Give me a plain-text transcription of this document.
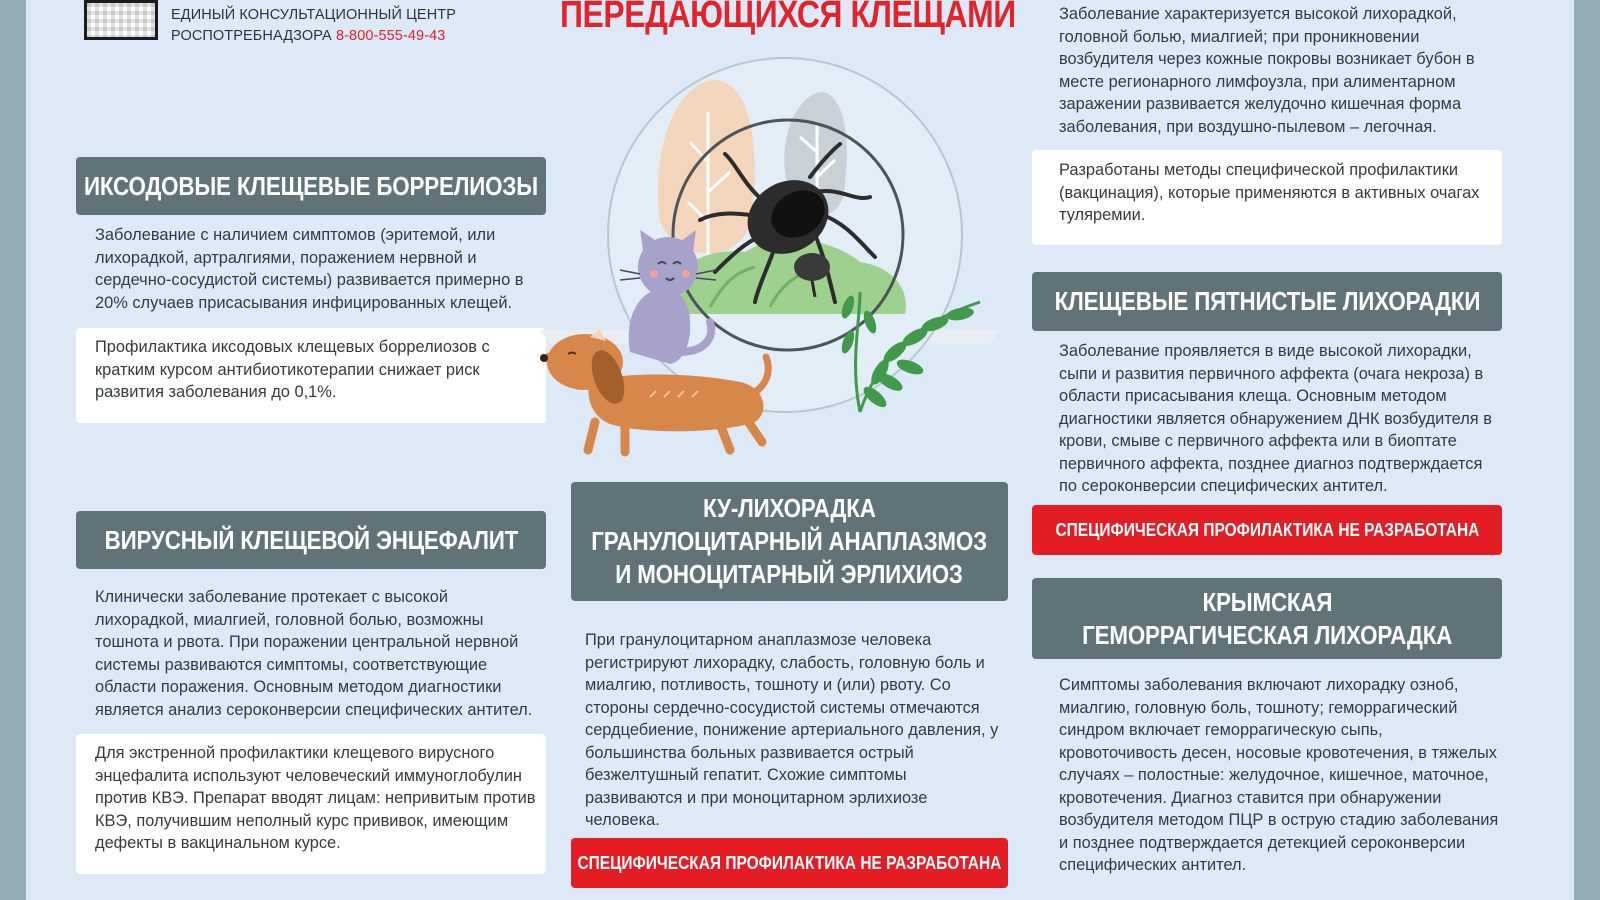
ЕДИНЫЙ КОНСУЛЬТАЦИОННЫЙ ЦЕНТР
РОСПОТРЕБНАДЗОРА 8-800-555-49-43	ПЕРЕДАЮЩИХСЯ КЛЕЩАМИ
ИКСОДОВЫЕ КЛЕЩЕВЫЕ БОРРЕЛИОЗЫ
Заболевание с наличием симптомов (эритемой, или
лихорадкой, артралгиями, поражением нервной и
сердечно-сосудистой системы) развивается примерно в
20% случаев присасывания инфицированных клещей.
Профилактика иксодовых клещевых боррелиозов с
кратким курсом антибиотикотерапии снижает риск
развития заболевания до 0,1%.
ВИРУСНЫЙ КЛЕЩЕВОЙ ЭНЦЕФАЛИТ
Клинически заболевание протекает с высокой
лихорадкой, миалгией, головной болью, возможны
тошнота и рвота. При поражении центральной нервной
системы развиваются симптомы, соответствующие
области поражения. Основным методом диагностики
является анализ сероконверсии специфических антител.
Для экстренной профилактики клещевого вирусного
энцефалита используют человеческий иммуноглобулин
против КВЭ. Препарат вводят лицам: непривитым против
КВЭ, получившим неполный курс прививок, имеющим
дефекты в вакцинальном курсе.
КУ-ЛИХОРАДКА
ГРАНУЛОЦИТАРНЫЙ АНАПЛАЗМОЗ
И МОНОЦИТАРНЫЙ ЭРЛИХИОЗ
При гранулоцитарном анаплазмозе человека
регистрируют лихорадку, слабость, головную боль и
миалгию, потливость, тошноту и (или) рвоту. Со
стороны сердечно-сосудистой системы отмечаются
сердцебиение, понижение артериального давления, у
большинства больных развивается острый
безжелтушный гепатит. Схожие симптомы
развиваются и при моноцитарном эрлихиозе
человека.
СПЕЦИФИЧЕСКАЯ ПРОФИЛАКТИКА НЕ РАЗРАБОТАНА
Заболевание характеризуется высокой лихорадкой,
головной болью, миалгией; при проникновении
возбудителя через кожные покровы возникает бубон в
месте регионарного лимфоузла, при алиментарном
заражении развивается желудочно кишечная форма
заболевания, при воздушно-пылевом – легочная.
Разработаны методы специфической профилактики
(вакцинация), которые применяются в активных очагах
туляремии.
КЛЕЩЕВЫЕ ПЯТНИСТЫЕ ЛИХОРАДКИ
Заболевание проявляется в виде высокой лихорадки,
сыпи и развития первичного аффекта (очага некроза) в
области присасывания клеща. Основным методом
диагностики является обнаружением ДНК возбудителя в
крови, смыве с первичного аффекта или в биоптате
первичного аффекта, позднее диагноз подтверждается
по сероконверсии специфических антител.
СПЕЦИФИЧЕСКАЯ ПРОФИЛАКТИКА НЕ РАЗРАБОТАНА
КРЫМСКАЯ
ГЕМОРРАГИЧЕСКАЯ ЛИХОРАДКА
Симптомы заболевания включают лихорадку озноб,
миалгию, головную боль, тошноту; геморрагический
синдром включает геморрагическую сыпь,
кровоточивость десен, носовые кровотечения, в тяжелых
случаях – полостные: желудочное, кишечное, маточное,
кровотечения. Диагноз ставится при обнаружении
возбудителя методом ПЦР в острую стадию заболевания
и позднее подтверждается детекцией сероконверсии
специфических антител.
